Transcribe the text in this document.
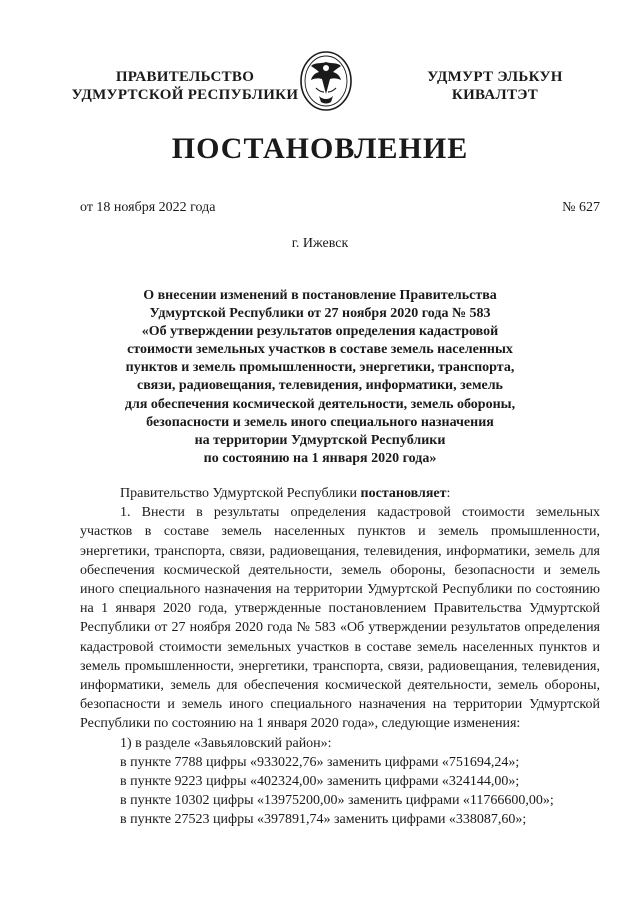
ПРАВИТЕЛЬСТВО
УДМУРТСКОЙ РЕСПУБЛИКИ
УДМУРТ ЭЛЬКУН
КИВАЛТЭТ
ПОСТАНОВЛЕНИЕ
от 18 ноября 2022 года	№ 627
г. Ижевск
О внесении изменений в постановление Правительства
Удмуртской Республики от 27 ноября 2020 года № 583
«Об утверждении результатов определения кадастровой
стоимости земельных участков в составе земель населенных
пунктов и земель промышленности, энергетики, транспорта,
связи, радиовещания, телевидения, информатики, земель
для обеспечения космической деятельности, земель обороны,
безопасности и земель иного специального назначения
на территории Удмуртской Республики
по состоянию на 1 января 2020 года»

Правительство Удмуртской Республики постановляет:

1. Внести в результаты определения кадастровой стоимости земельных участков в составе земель населенных пунктов и земель промышленности, энергетики, транспорта, связи, радиовещания, телевидения, информатики, земель для обеспечения космической деятельности, земель обороны, безопасности и земель иного специального назначения на территории Удмуртской Республики по состоянию на 1 января 2020 года, утвержденные постановлением Правительства Удмуртской Республики от 27 ноября 2020 года № 583 «Об утверждении результатов определения кадастровой стоимости земельных участков в составе земель населенных пунктов и земель промышленности, энергетики, транспорта, связи, радиовещания, телевидения, информатики, земель для обеспечения космической деятельности, земель обороны, безопасности и земель иного специального назначения на территории Удмуртской Республики по состоянию на 1 января 2020 года», следующие изменения:

1) в разделе «Завьяловский район»:

в пункте 7788 цифры «933022,76» заменить цифрами «751694,24»;

в пункте 9223 цифры «402324,00» заменить цифрами «324144,00»;

в пункте 10302 цифры «13975200,00» заменить цифрами «11766600,00»;

в пункте 27523 цифры «397891,74» заменить цифрами «338087,60»;
